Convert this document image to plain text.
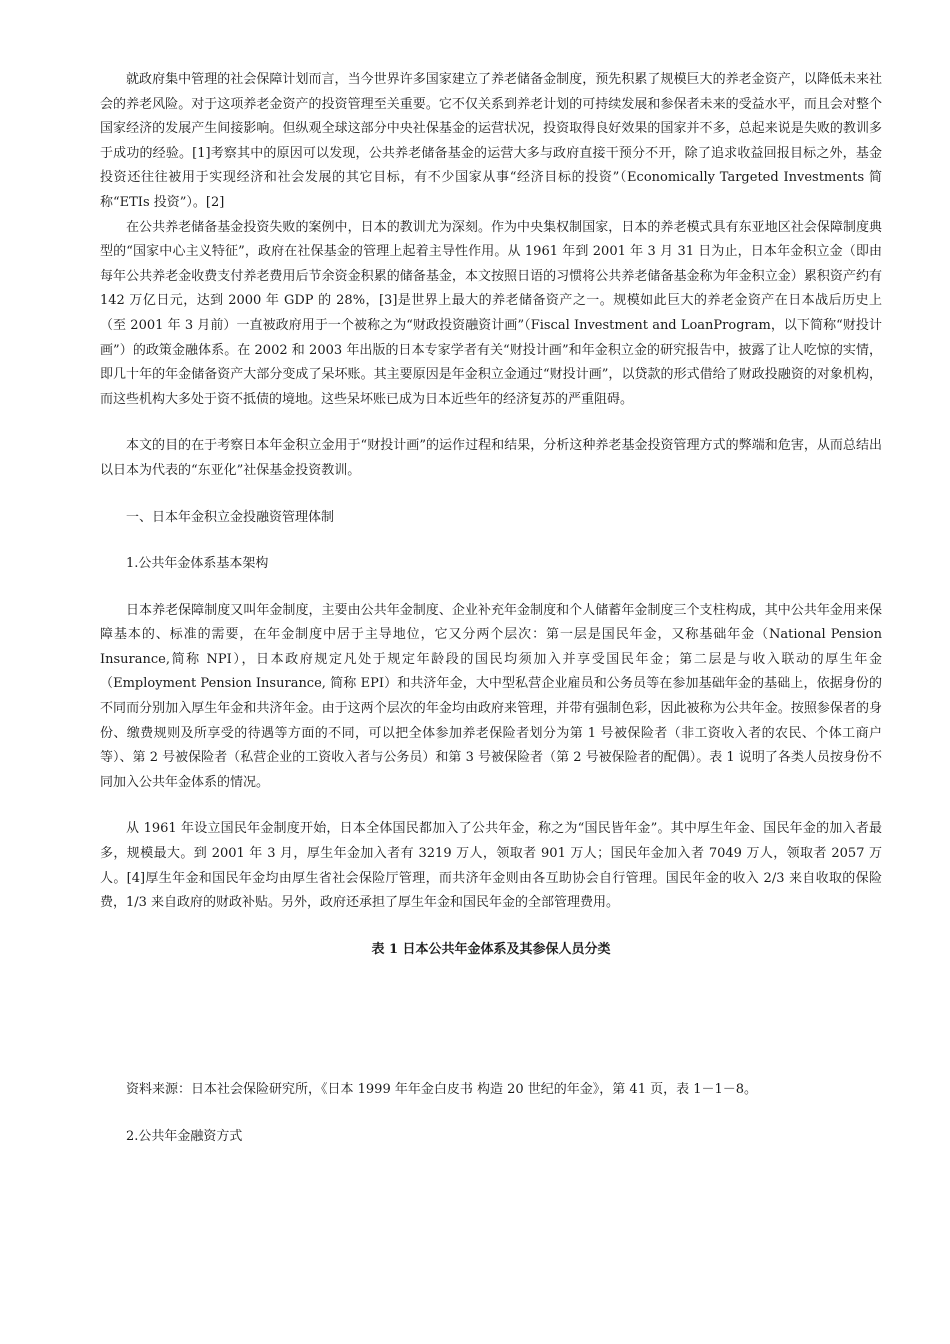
就政府集中管理的社会保障计划而言，当今世界许多国家建立了养老储备金制度，预先积累了规模巨大的养老金资产，以降低未来社会的养老风险。对于这项养老金资产的投资管理至关重要。它不仅关系到养老计划的可持续发展和参保者未来的受益水平，而且会对整个国家经济的发展产生间接影响。但纵观全球这部分中央社保基金的运营状况，投资取得良好效果的国家并不多，总起来说是失败的教训多于成功的经验。[1]考察其中的原因可以发现，公共养老储备基金的运营大多与政府直接干预分不开，除了追求收益回报目标之外，基金投资还往往被用于实现经济和社会发展的其它目标，有不少国家从事“经济目标的投资”（Economically Targeted Investments 简称“ETIs 投资”）。[2]

在公共养老储备基金投资失败的案例中，日本的教训尤为深刻。作为中央集权制国家，日本的养老模式具有东亚地区社会保障制度典型的“国家中心主义特征”，政府在社保基金的管理上起着主导性作用。从 1961 年到 2001 年 3 月 31 日为止，日本年金积立金（即由每年公共养老金收费支付养老费用后节余资金积累的储备基金，本文按照日语的习惯将公共养老储备基金称为年金积立金）累积资产约有 142 万亿日元，达到 2000 年 GDP 的 28%，[3]是世界上最大的养老储备资产之一。规模如此巨大的养老金资产在日本战后历史上（至 2001 年 3 月前）一直被政府用于一个被称之为“财政投资融资计画”（Fiscal Investment and LoanProgram，以下简称“财投计画”）的政策金融体系。在 2002 和 2003 年出版的日本专家学者有关“财投计画”和年金积立金的研究报告中，披露了让人吃惊的实情，即几十年的年金储备资产大部分变成了呆坏账。其主要原因是年金积立金通过“财投计画”，以贷款的形式借给了财政投融资的对象机构，而这些机构大多处于资不抵债的境地。这些呆坏账已成为日本近些年的经济复苏的严重阻碍。

本文的目的在于考察日本年金积立金用于“财投计画”的运作过程和结果，分析这种养老基金投资管理方式的弊端和危害，从而总结出以日本为代表的“东亚化”社保基金投资教训。

一、日本年金积立金投融资管理体制

1.公共年金体系基本架构

日本养老保障制度又叫年金制度，主要由公共年金制度、企业补充年金制度和个人储蓄年金制度三个支柱构成，其中公共年金用来保障基本的、标准的需要，在年金制度中居于主导地位，它又分两个层次：第一层是国民年金，又称基础年金（National Pension Insurance,简称 NPI），日本政府规定凡处于规定年龄段的国民均须加入并享受国民年金；第二层是与收入联动的厚生年金（Employment Pension Insurance, 简称 EPI）和共济年金，大中型私营企业雇员和公务员等在参加基础年金的基础上，依据身份的不同而分别加入厚生年金和共济年金。由于这两个层次的年金均由政府来管理，并带有强制色彩，因此被称为公共年金。按照参保者的身份、缴费规则及所享受的待遇等方面的不同，可以把全体参加养老保险者划分为第 1 号被保险者（非工资收入者的农民、个体工商户等）、第 2 号被保险者（私营企业的工资收入者与公务员）和第 3 号被保险者（第 2 号被保险者的配偶）。表 1 说明了各类人员按身份不同加入公共年金体系的情况。

从 1961 年设立国民年金制度开始，日本全体国民都加入了公共年金，称之为“国民皆年金”。其中厚生年金、国民年金的加入者最多，规模最大。到 2001 年 3 月，厚生年金加入者有 3219 万人，领取者 901 万人；国民年金加入者 7049 万人，领取者 2057 万人。[4]厚生年金和国民年金均由厚生省社会保险厅管理，而共济年金则由各互助协会自行管理。国民年金的收入 2/3 来自收取的保险费，1/3 来自政府的财政补贴。另外，政府还承担了厚生年金和国民年金的全部管理费用。

表 1 日本公共年金体系及其参保人员分类

资料来源：日本社会保险研究所，《日本 1999 年年金白皮书 构造 20 世纪的年金》，第 41 页，表 1－1－8。

2.公共年金融资方式
